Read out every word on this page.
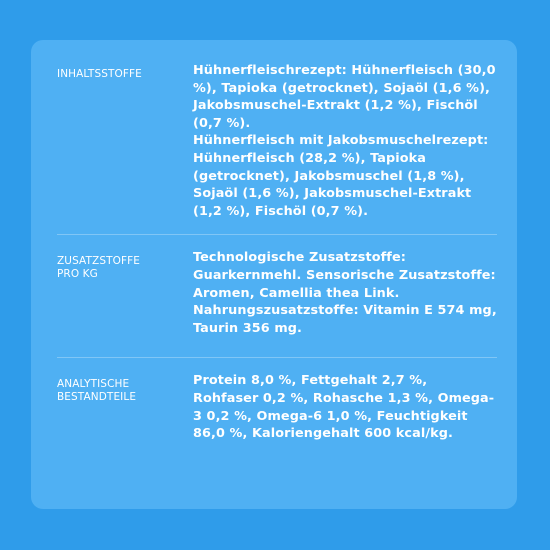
INHALTSSTOFFE	Hühnerfleischrezept: Hühnerfleisch (30,0 %), Tapioka (getrocknet), Sojaöl (1,6 %), Jakobsmuschel-Extrakt (1,2 %), Fischöl (0,7 %).

Hühnerfleisch mit Jakobsmuschelrezept: Hühnerfleisch (28,2 %), Tapioka (getrocknet), Jakobsmuschel (1,8 %), Sojaöl (1,6 %), Jakobsmuschel-Extrakt (1,2 %), Fischöl (0,7 %).

ZUSATZSTOFFE
PRO KG

Technologische Zusatzstoffe: Guarkernmehl. Sensorische Zusatzstoffe: Aromen, Camellia thea Link. Nahrungszusatzstoffe: Vitamin E 574 mg, Taurin 356 mg.

ANALYTISCHE
BESTANDTEILE

Protein 8,0 %, Fettgehalt 2,7 %, Rohfaser 0,2 %, Rohasche 1,3 %, Omega-3 0,2 %, Omega-6 1,0 %, Feuchtigkeit 86,0 %, Kaloriengehalt 600 kcal/kg.
